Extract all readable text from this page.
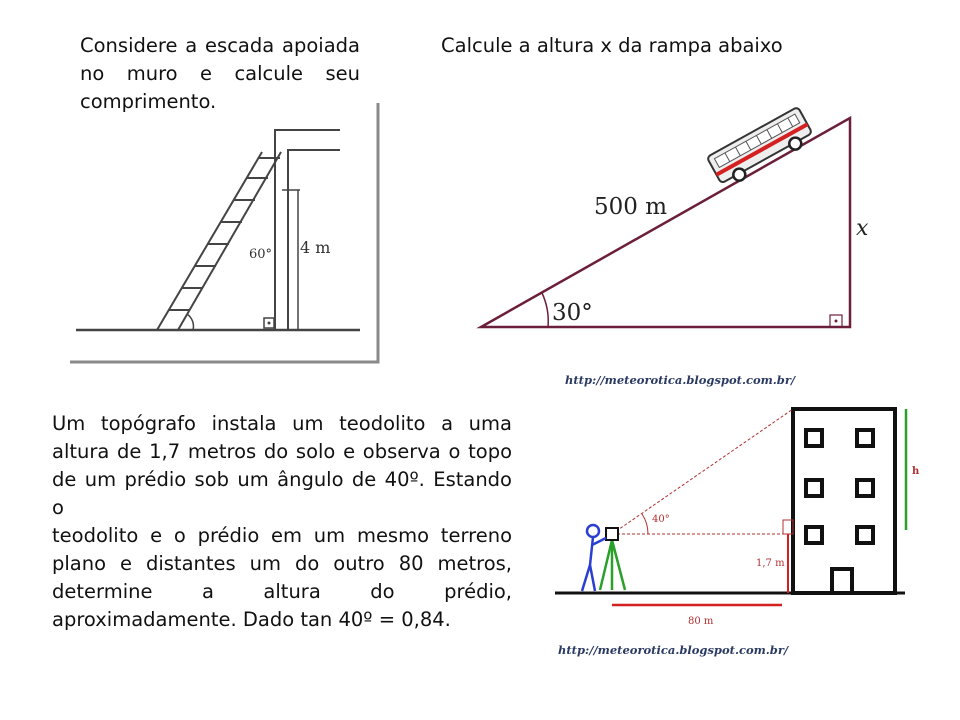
Considere a escada apoiada
no muro e calcule seu
comprimento.
Calcule a altura x da rampa abaixo
Um topógrafo instala um teodolito a uma
altura de 1,7 metros do solo e observa o topo
de um prédio sob um ângulo de 40º. Estando o
teodolito e o prédio em um mesmo terreno
plano e distantes um do outro 80 metros,
determine a altura do prédio,
aproximadamente. Dado tan 40º = 0,84.
60° 4 m
500 m
30°
x
http://meteorotica.blogspot.com.br/
40°
1,7 m
80 m
h
http://meteorotica.blogspot.com.br/
